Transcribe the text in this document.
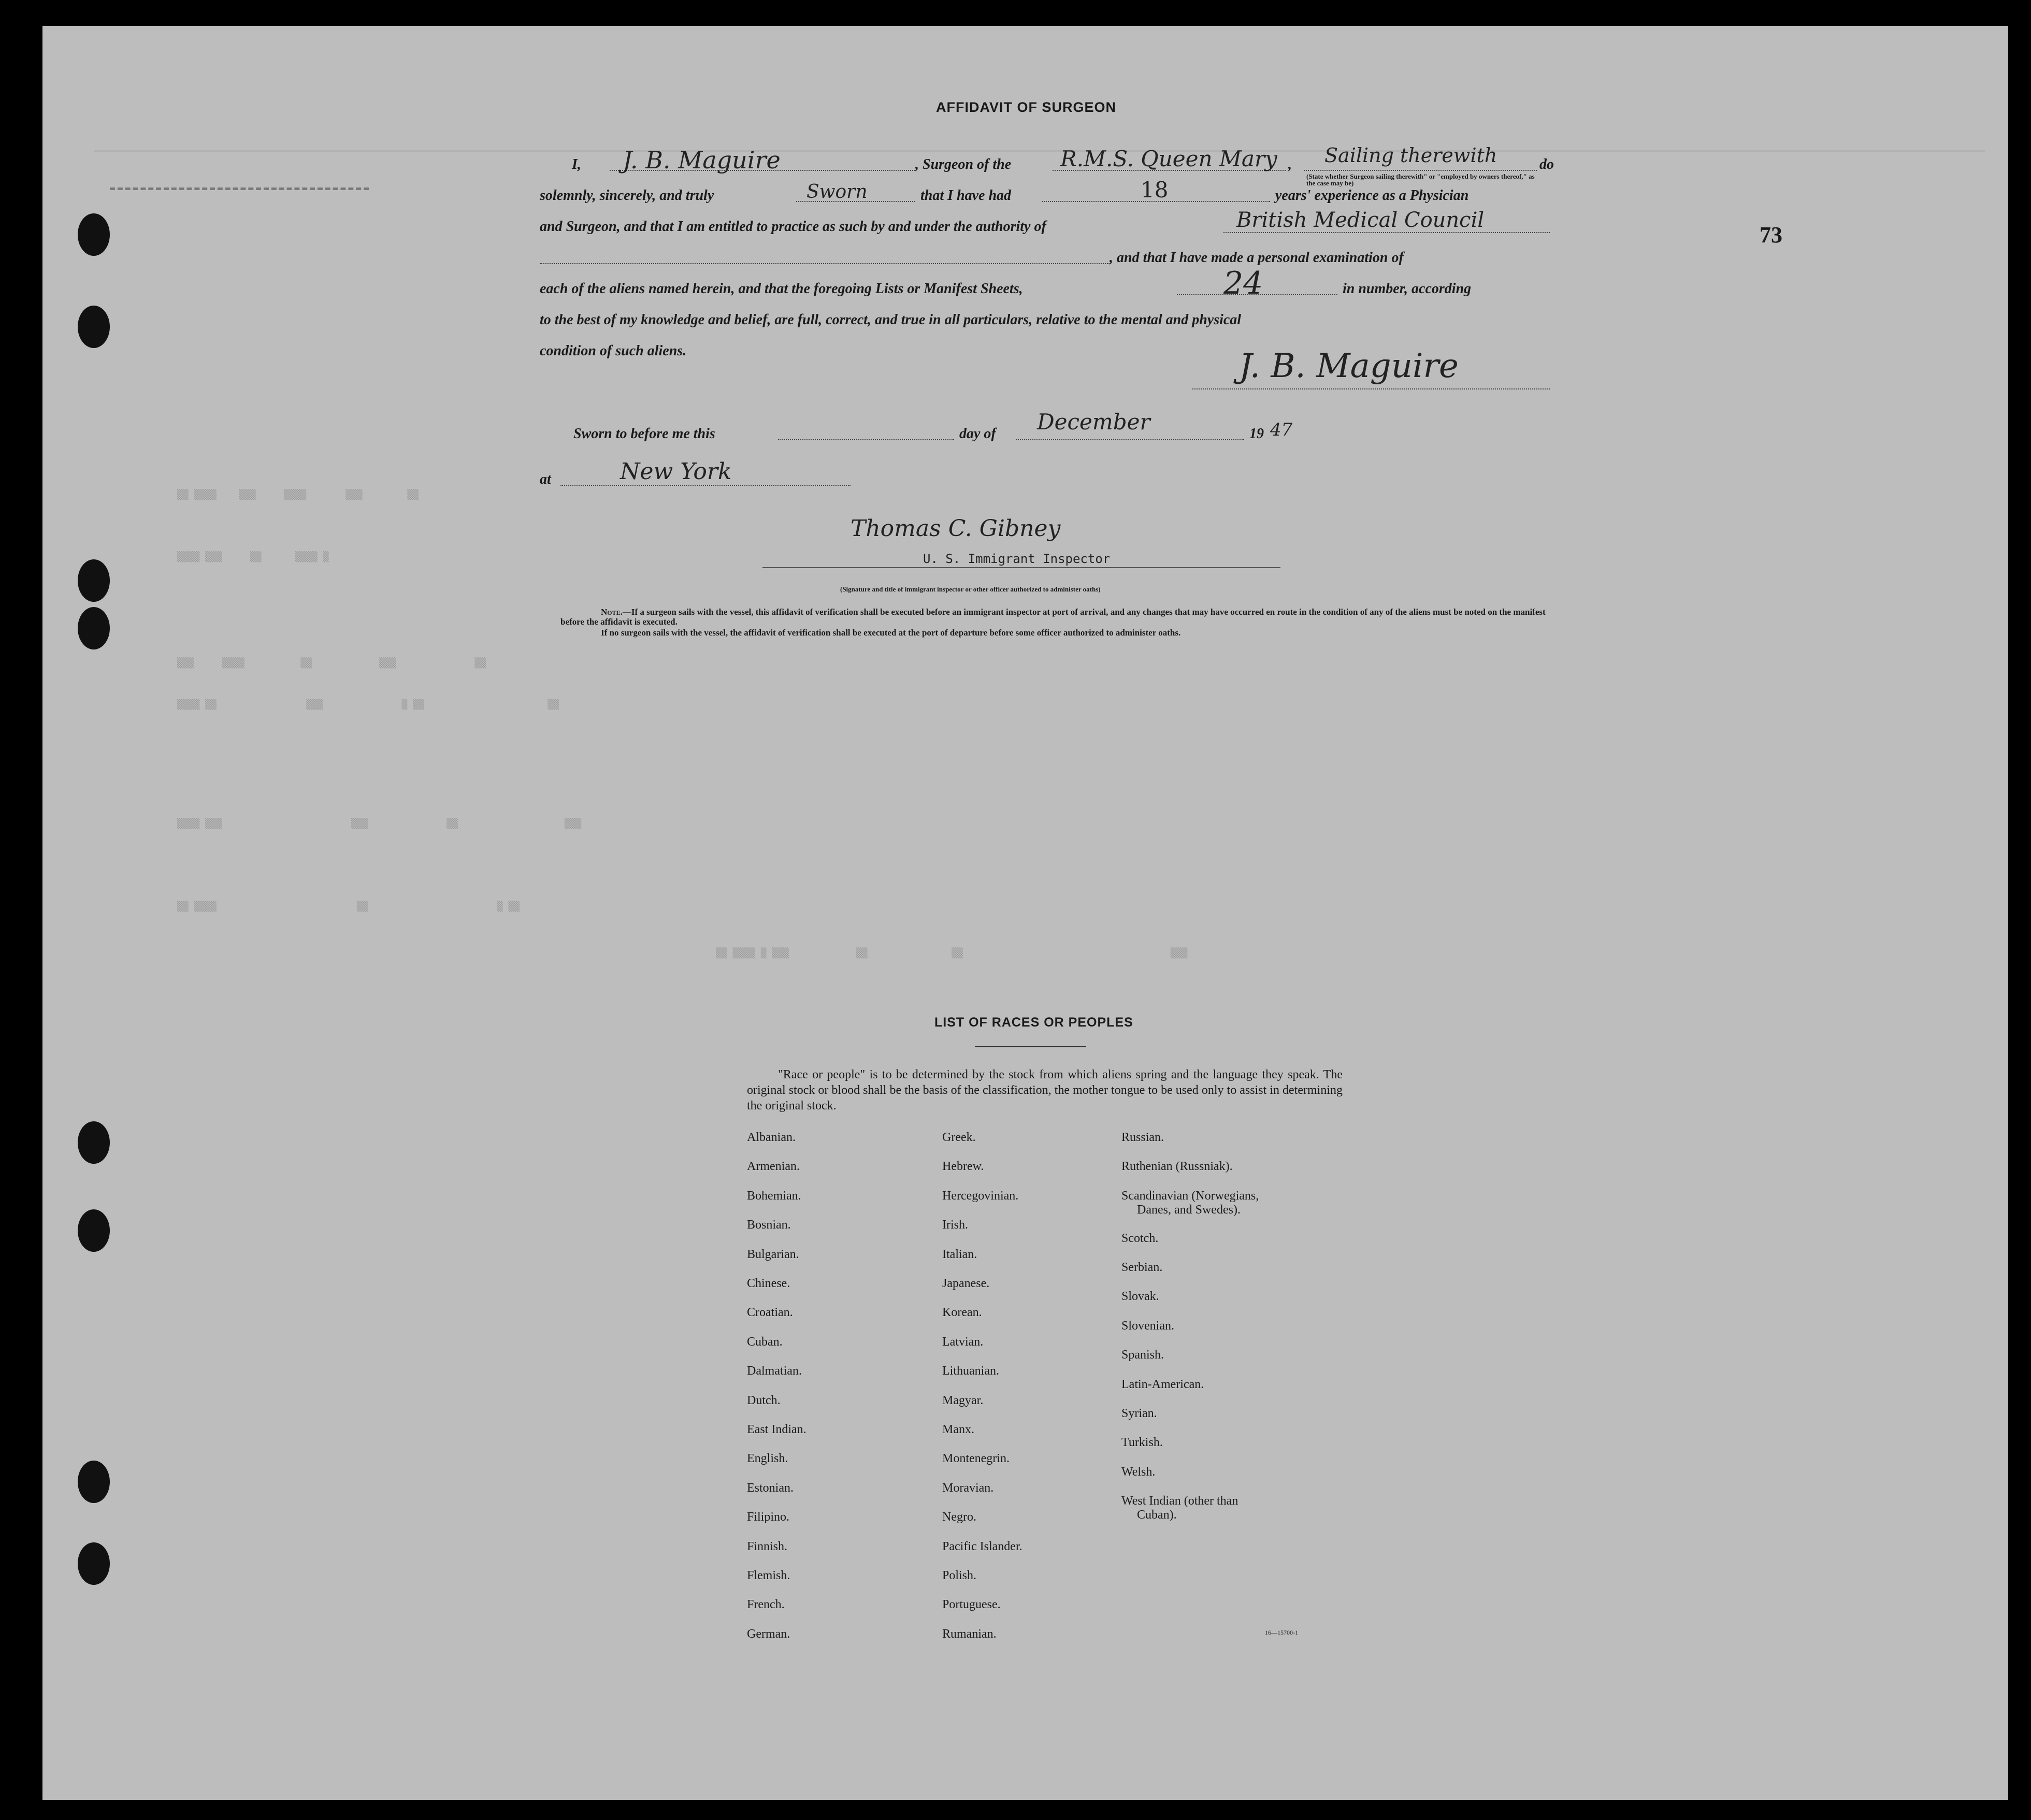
▒▒ ▒▒▒▒    ▒▒▒     ▒▒▒▒       ▒▒▒        ▒▒
▒▒▒▒ ▒▒▒     ▒▒      ▒▒▒▒ ▒
▒▒▒     ▒▒▒▒          ▒▒            ▒▒▒              ▒▒
▒▒▒▒ ▒▒                ▒▒▒              ▒ ▒▒                      ▒▒
▒▒▒▒ ▒▒▒                       ▒▒▒              ▒▒                   ▒▒▒
▒▒ ▒▒▒▒                         ▒▒                       ▒ ▒▒
▒▒ ▒▒▒▒ ▒ ▒▒▒            ▒▒               ▒▒                                     ▒▒▒
73
AFFIDAVIT OF SURGEON
I, J. B. Maguire	, Surgeon of the R.M.S. Queen Mary , Sailing therewith
(State whether Surgeon sailing therewith" or "employed by owners thereof," as the case may be)
do
solemnly, sincerely, and truly	Sworn	that I have had	18	years' experience as a Physician
and Surgeon, and that I am entitled to practice as such by and under the authority of	British Medical Council
, and that I have made a personal examination of
each of the aliens named herein, and that the foregoing Lists or Manifest Sheets,	24	in number, according
to the best of my knowledge and belief, are full, correct, and true in all particulars, relative to the mental and physical
condition of such aliens.	J. B. Maguire
Sworn to before me this	day of December	19 47
at	New York
Thomas C. Gibney
U. S. Immigrant Inspector
(Signature and title of immigrant inspector or other officer authorized to administer oaths)
Note.—If a surgeon sails with the vessel, this affidavit of verification shall be executed before an immigrant inspector at port of arrival, and any changes that may have occurred en route in the condition of any of the aliens must be noted on the manifest before the affidavit is executed.
If no surgeon sails with the vessel, the affidavit of verification shall be executed at the port of departure before some officer authorized to administer oaths.
LIST OF RACES OR PEOPLES
"Race or people" is to be determined by the stock from which aliens spring and the language they speak. The original stock or blood shall be the basis of the classification, the mother tongue to be used only to assist in determining the original stock.
Albanian.
Armenian.
Bohemian.
Bosnian.
Bulgarian.
Chinese.
Croatian.
Cuban.
Dalmatian.
Dutch.
East Indian.
English.
Estonian.
Filipino.
Finnish.
Flemish.
French.
German.
Greek.
Hebrew.
Hercegovinian.
Irish.
Italian.
Japanese.
Korean.
Latvian.
Lithuanian.
Magyar.
Manx.
Montenegrin.
Moravian.
Negro.
Pacific Islander.
Polish.
Portuguese.
Rumanian.
Russian.
Ruthenian (Russniak).
Scandinavian (Norwegians,
Danes, and Swedes).
Scotch.
Serbian.
Slovak.
Slovenian.
Spanish.
Latin-American.
Syrian.
Turkish.
Welsh.
West Indian (other than
Cuban).
16—15700-1
